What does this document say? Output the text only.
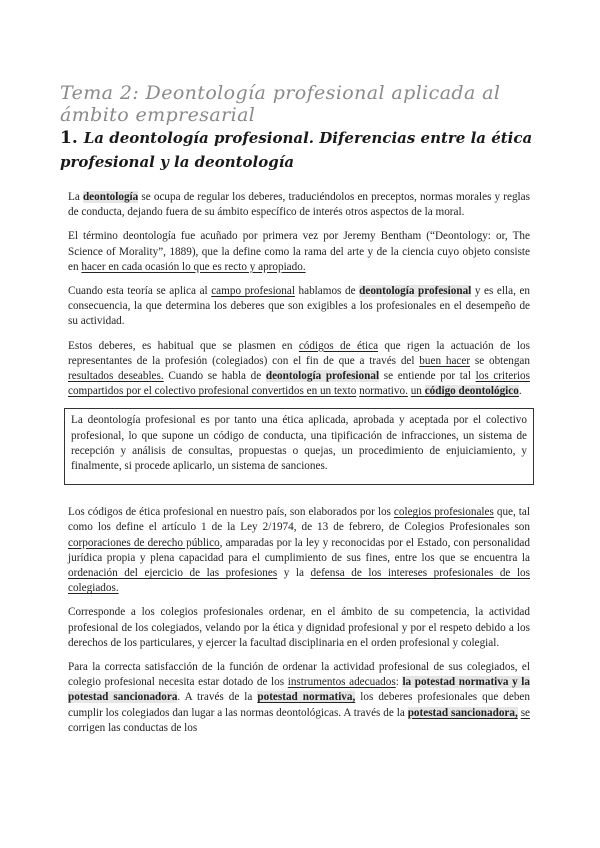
Tema 2: Deontología profesional aplicada al ámbito empresarial
1. La deontología profesional. Diferencias entre la ética profesional y la deontología

La deontología se ocupa de regular los deberes, traduciéndolos en preceptos, normas morales y reglas de conducta, dejando fuera de su ámbito específico de interés otros aspectos de la moral.

El término deontología fue acuñado por primera vez por Jeremy Bentham (“Deontology: or, The Science of Morality”, 1889), que la define como la rama del arte y de la ciencia cuyo objeto consiste en hacer en cada ocasión lo que es recto y apropiado.

Cuando esta teoría se aplica al campo profesional hablamos de deontología profesional y es ella, en consecuencia, la que determina los deberes que son exigibles a los profesionales en el desempeño de su actividad.

Estos deberes, es habitual que se plasmen en códigos de ética que rigen la actuación de los representantes de la profesión (colegiados) con el fin de que a través del buen hacer se obtengan resultados deseables. Cuando se habla de deontología profesional se entiende por tal los criterios compartidos por el colectivo profesional convertidos en un texto normativo. un código deontológico.

La deontología profesional es por tanto una ética aplicada, aprobada y aceptada por el colectivo profesional, lo que supone un código de conducta, una tipificación de infracciones, un sistema de recepción y análisis de consultas, propuestas o quejas, un procedimiento de enjuiciamiento, y finalmente, si procede aplicarlo, un sistema de sanciones.

Los códigos de ética profesional en nuestro país, son elaborados por los colegios profesionales que, tal como los define el artículo 1 de la Ley 2/1974, de 13 de febrero, de Colegios Profesionales son corporaciones de derecho público, amparadas por la ley y reconocidas por el Estado, con personalidad jurídica propia y plena capacidad para el cumplimiento de sus fines, entre los que se encuentra la ordenación del ejercicio de las profesiones y la defensa de los intereses profesionales de los colegiados.

Corresponde a los colegios profesionales ordenar, en el ámbito de su competencia, la actividad profesional de los colegiados, velando por la ética y dignidad profesional y por el respeto debido a los derechos de los particulares, y ejercer la facultad disciplinaria en el orden profesional y colegial.

Para la correcta satisfacción de la función de ordenar la actividad profesional de sus colegiados, el colegio profesional necesita estar dotado de los instrumentos adecuados: la potestad normativa y la potestad sancionadora. A través de la potestad normativa, los deberes profesionales que deben cumplir los colegiados dan lugar a las normas deontológicas. A través de la potestad sancionadora, se corrigen las conductas de los
